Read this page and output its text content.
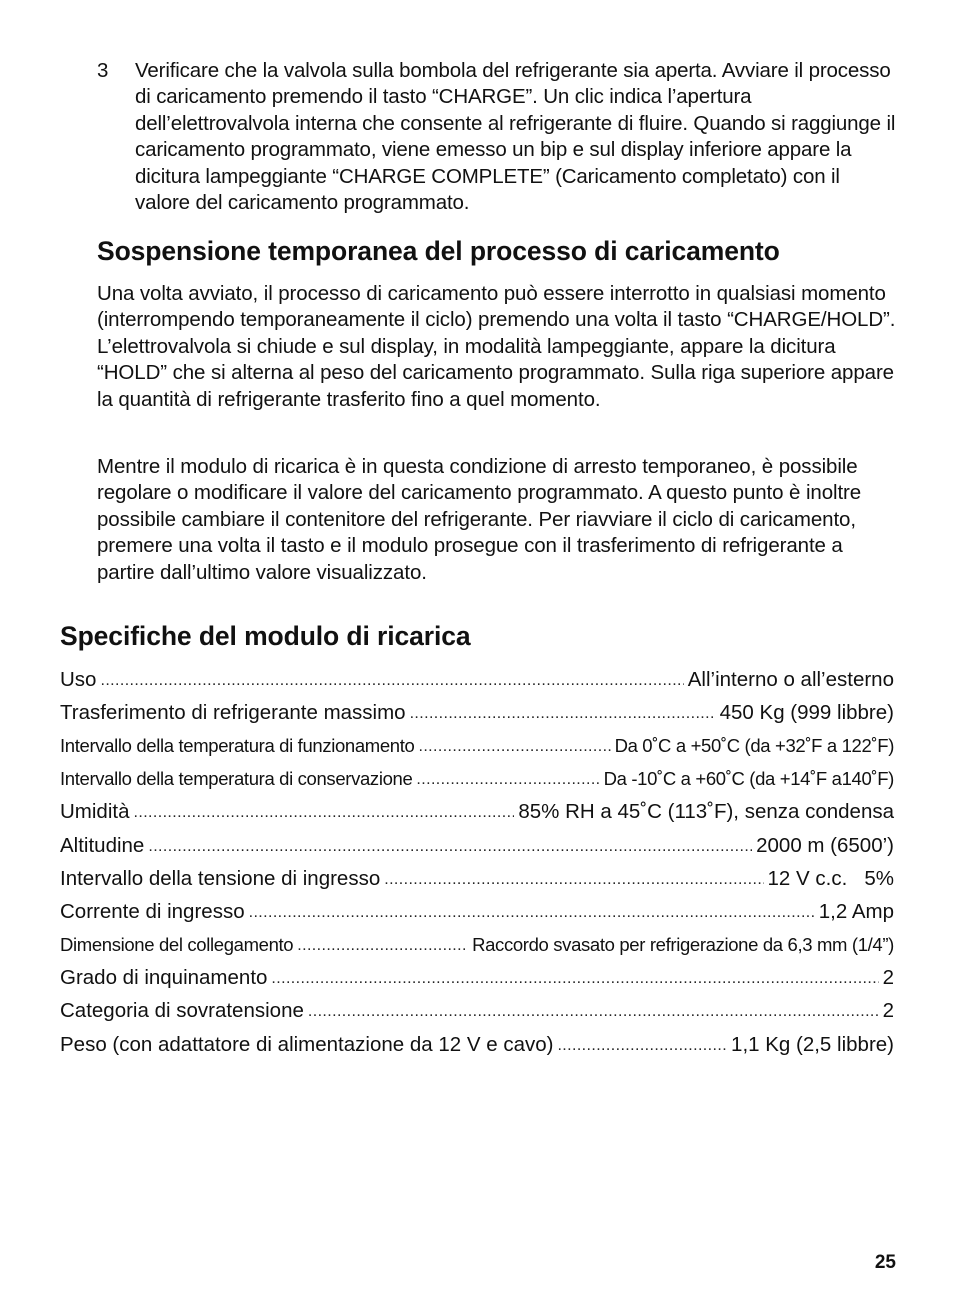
3	Verificare che la valvola sulla bombola del refrigerante sia aperta. Avviare il processo di caricamento premendo il tasto “CHARGE”. Un clic indica l’apertura dell’elettrovalvola interna che consente al refrigerante di fluire. Quando si raggiunge il caricamento programmato, viene emesso un bip e sul display inferiore appare la dicitura lampeggiante “CHARGE COMPLETE” (Caricamento completato) con il valore del caricamento programmato.
Sospensione temporanea del processo di caricamento

Una volta avviato, il processo di caricamento può essere interrotto in qualsiasi momento (interrompendo temporaneamente il ciclo) premendo una volta il tasto “CHARGE/HOLD”. L’elettrovalvola si chiude e sul display, in modalità lampeggiante, appare la dicitura “HOLD” che si alterna al peso del caricamento programmato. Sulla riga superiore appare la quantità di refrigerante trasferito fino a quel momento.

Mentre il modulo di ricarica è in questa condizione di arresto temporaneo, è possibile regolare o modificare il valore del caricamento programmato. A questo punto è inoltre possibile cambiare il contenitore del refrigerante. Per riavviare il ciclo di caricamento, premere una volta il tasto e il modulo prosegue con il trasferimento di refrigerante a partire dall’ultimo valore visualizzato.

Specifiche del modulo di ricarica
Uso .....	All’interno o all’esterno
Trasferimento di refrigerante massimo .....	450 Kg (999 libbre)
Intervallo della temperatura di funzionamento .....	Da 0˚C a +50˚C (da +32˚F a 122˚F)
Intervallo della temperatura di conservazione .....	Da -10˚C a +60˚C (da +14˚F a140˚F)
Umidità .....	85% RH a 45˚C (113˚F), senza condensa
Altitudine .....	2000 m (6500’)
Intervallo della tensione di ingresso .....	12 V c.c.   5%
Corrente di ingresso .....	1,2 Amp
Dimensione del collegamento .....	Raccordo svasato per refrigerazione da 6,3 mm (1/4”)
Grado di inquinamento .....	2
Categoria di sovratensione .....	2
Peso (con adattatore di alimentazione da 12 V e cavo) .....	1,1 Kg (2,5 libbre)
25
